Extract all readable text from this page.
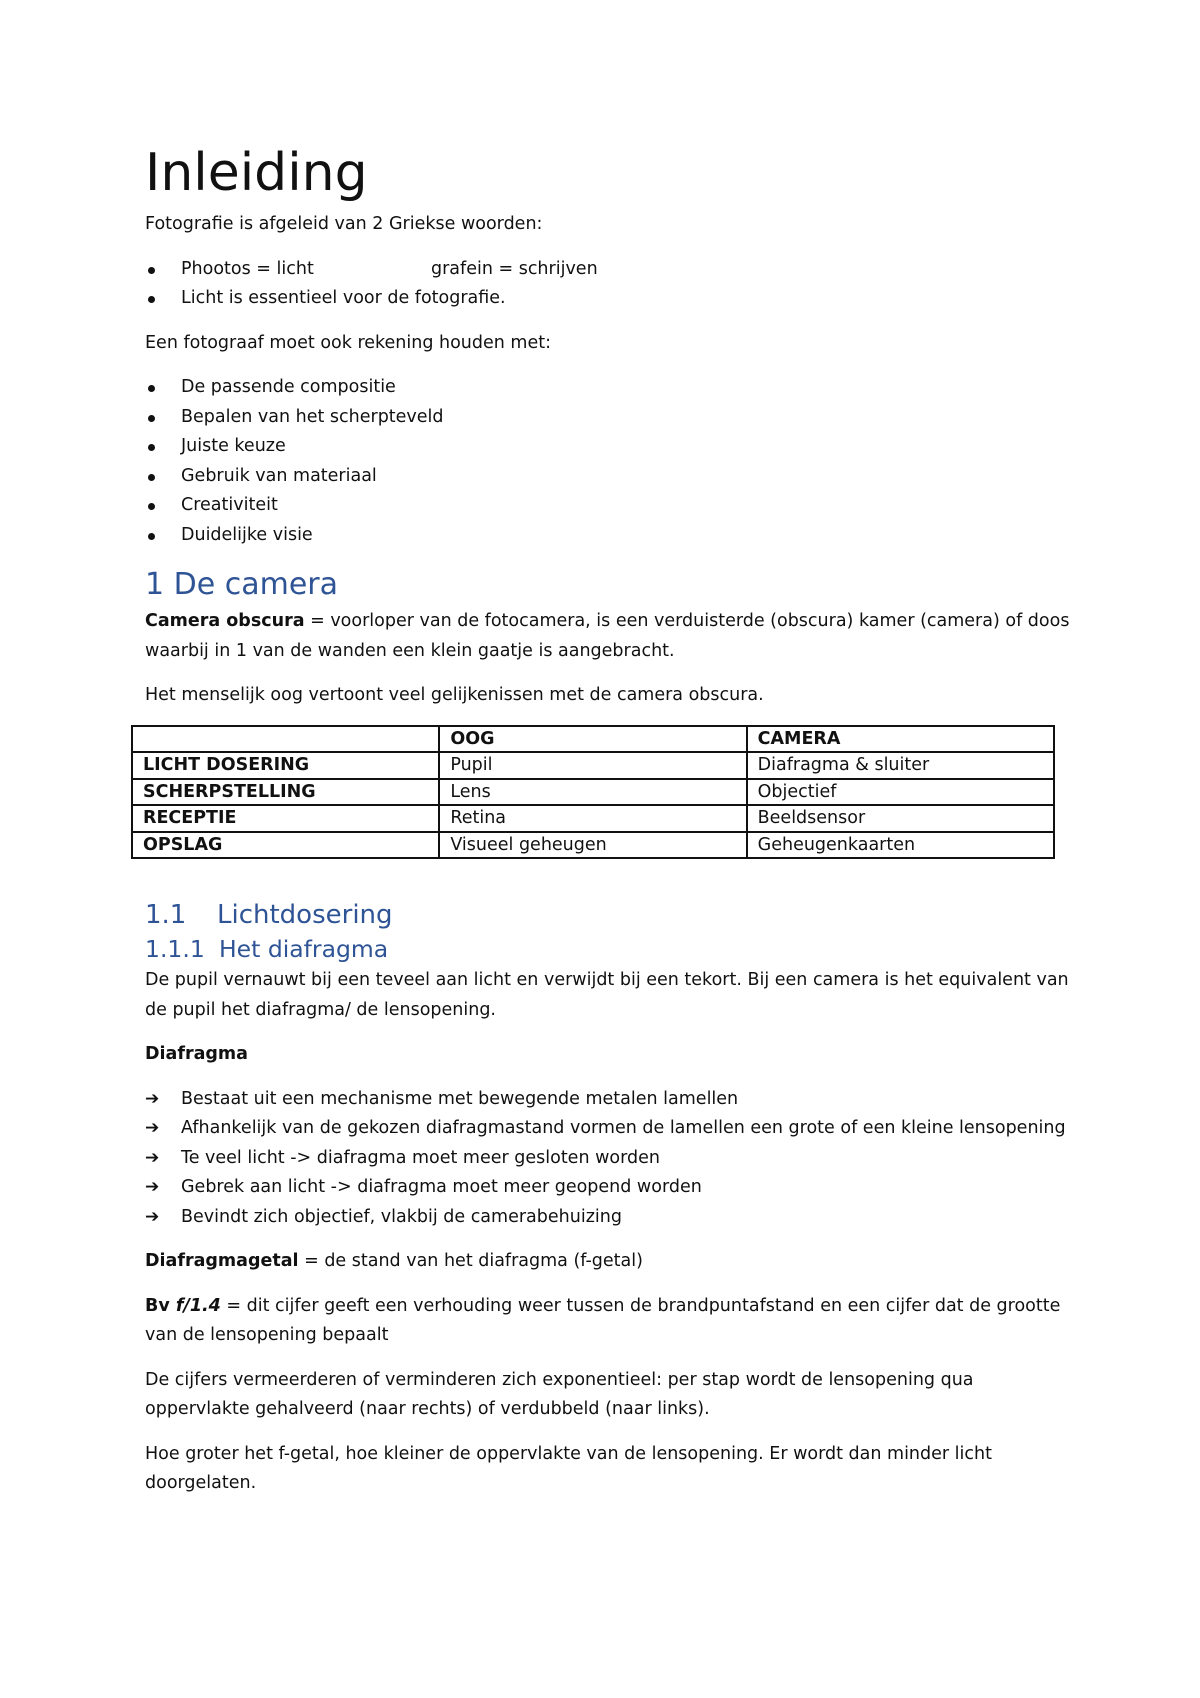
Inleiding

Fotografie is afgeleid van 2 Griekse woorden:

Phootos = licht	grafein = schrijven
Licht is essentieel voor de fotografie.

Een fotograaf moet ook rekening houden met:

De passende compositie
Bepalen van het scherpteveld
Juiste keuze
Gebruik van materiaal
Creativiteit
Duidelijke visie
1 De camera

Camera obscura = voorloper van de fotocamera, is een verduisterde (obscura) kamer (camera) of doos waarbij in 1 van de wanden een klein gaatje is aangebracht.

Het menselijk oog vertoont veel gelijkenissen met de camera obscura.

	OOG	CAMERA
LICHT DOSERING	Pupil	Diafragma & sluiter
SCHERPSTELLING	Lens	Objectief
RECEPTIE	Retina	Beeldsensor
OPSLAG	Visueel geheugen	Geheugenkaarten
1.1 Lichtdosering
1.1.1 Het diafragma

De pupil vernauwt bij een teveel aan licht en verwijdt bij een tekort. Bij een camera is het equivalent van de pupil het diafragma/ de lensopening.

Diafragma

➔	Bestaat uit een mechanisme met bewegende metalen lamellen
➔	Afhankelijk van de gekozen diafragmastand vormen de lamellen een grote of een kleine lensopening
➔	Te veel licht -> diafragma moet meer gesloten worden
➔	Gebrek aan licht -> diafragma moet meer geopend worden
➔	Bevindt zich objectief, vlakbij de camerabehuizing

Diafragmagetal = de stand van het diafragma (f-getal)

Bv f/1.4 = dit cijfer geeft een verhouding weer tussen de brandpuntafstand en een cijfer dat de grootte van de lensopening bepaalt

De cijfers vermeerderen of verminderen zich exponentieel: per stap wordt de lensopening qua oppervlakte gehalveerd (naar rechts) of verdubbeld (naar links).

Hoe groter het f-getal, hoe kleiner de oppervlakte van de lensopening. Er wordt dan minder licht doorgelaten.
